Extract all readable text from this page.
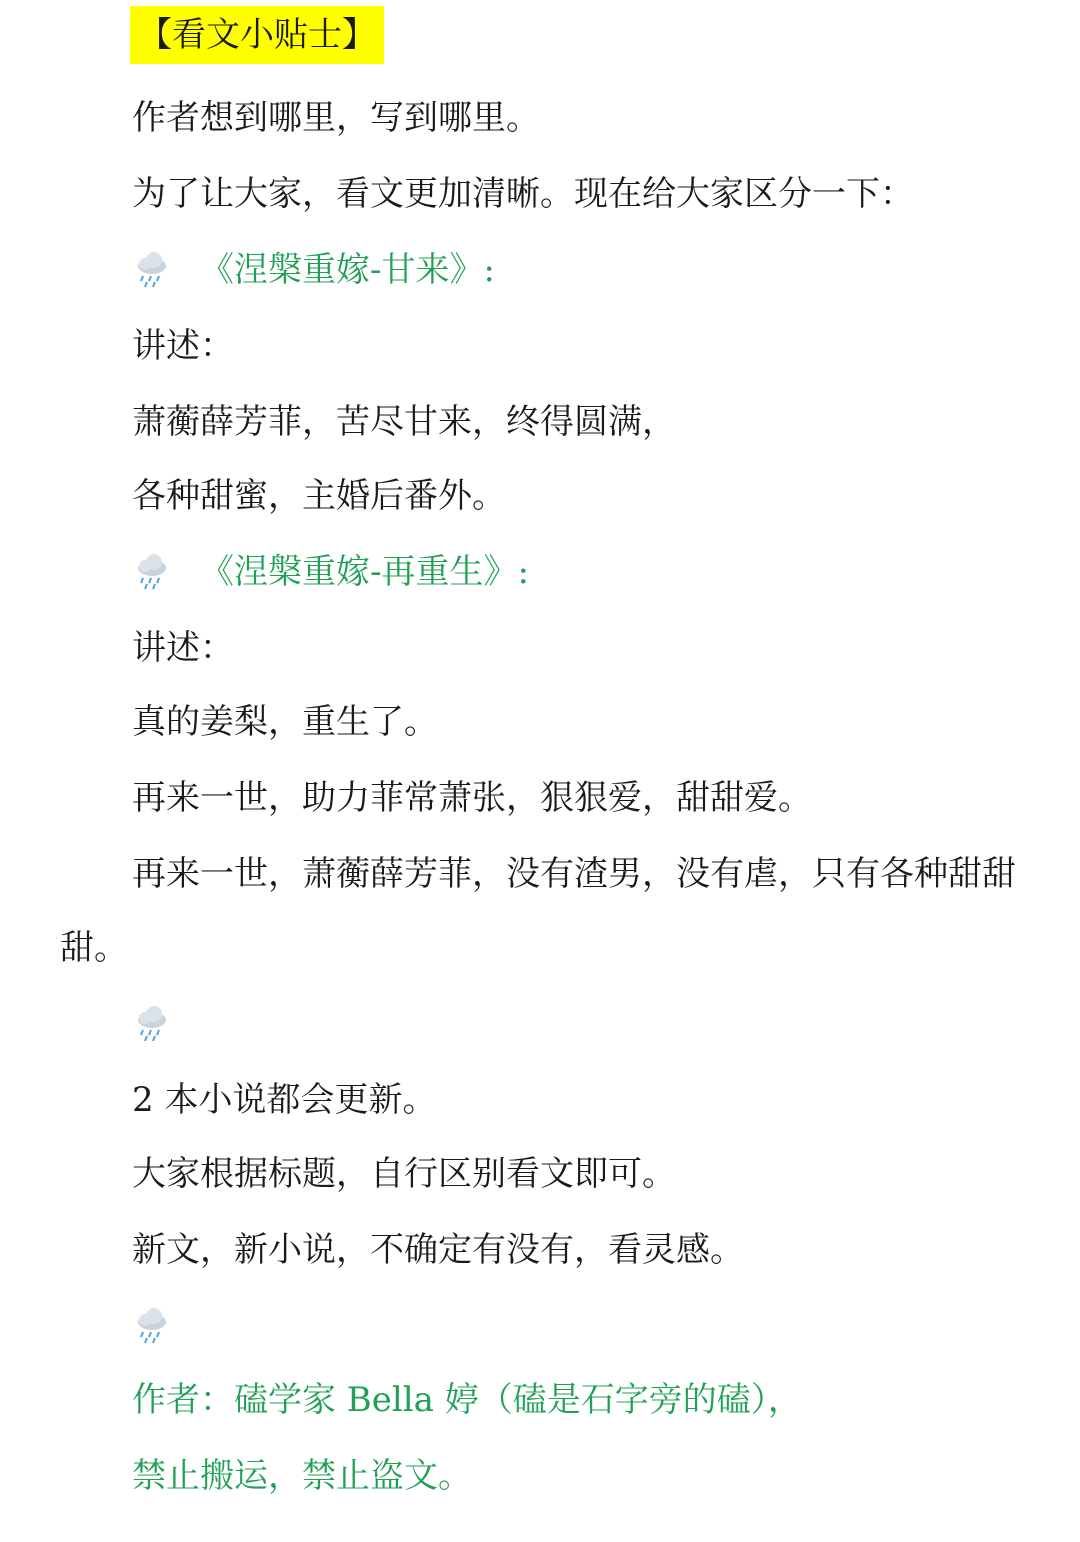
【看文小贴士】
作者想到哪里，写到哪里。
为了让大家，看文更加清晰。现在给大家区分一下：
《涅槃重嫁-甘来》:
讲述：
萧蘅薛芳菲，苦尽甘来，终得圆满，
各种甜蜜，主婚后番外。
《涅槃重嫁-再重生》:
讲述：
真的姜梨，重生了。
再来一世，助力菲常萧张，狠狠爱，甜甜爱。
再来一世，萧蘅薛芳菲，没有渣男，没有虐，只有各种甜甜
甜。
2 本小说都会更新。
大家根据标题，自行区别看文即可。
新文，新小说，不确定有没有，看灵感。
作者：磕学家 Bella 婷（磕是石字旁的磕），
禁止搬运，禁止盗文。
